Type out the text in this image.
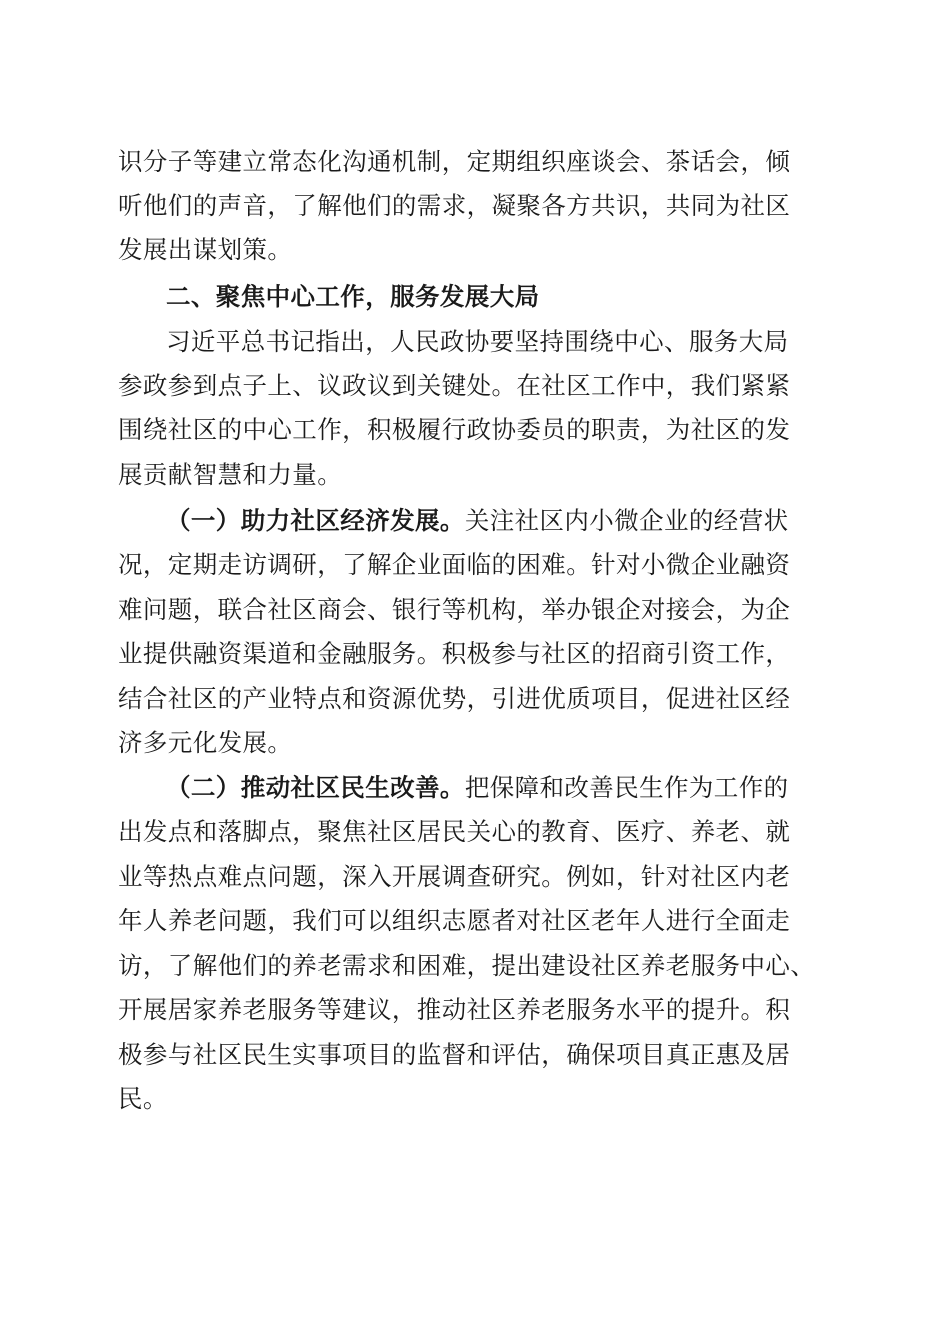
识分子等建立常态化沟通机制，定期组织座谈会、茶话会，倾
听他们的声音，了解他们的需求，凝聚各方共识，共同为社区
发展出谋划策。
二、聚焦中心工作，服务发展大局
习近平总书记指出，人民政协要坚持围绕中心、服务大局
参政参到点子上、议政议到关键处。在社区工作中，我们紧紧
围绕社区的中心工作，积极履行政协委员的职责，为社区的发
展贡献智慧和力量。
（一）助力社区经济发展。关注社区内小微企业的经营状
况，定期走访调研，了解企业面临的困难。针对小微企业融资
难问题，联合社区商会、银行等机构，举办银企对接会，为企
业提供融资渠道和金融服务。积极参与社区的招商引资工作，
结合社区的产业特点和资源优势，引进优质项目，促进社区经
济多元化发展。
（二）推动社区民生改善。把保障和改善民生作为工作的
出发点和落脚点，聚焦社区居民关心的教育、医疗、养老、就
业等热点难点问题，深入开展调查研究。例如，针对社区内老
年人养老问题，我们可以组织志愿者对社区老年人进行全面走
访，了解他们的养老需求和困难，提出建设社区养老服务中心、
开展居家养老服务等建议，推动社区养老服务水平的提升。积
极参与社区民生实事项目的监督和评估，确保项目真正惠及居
民。
